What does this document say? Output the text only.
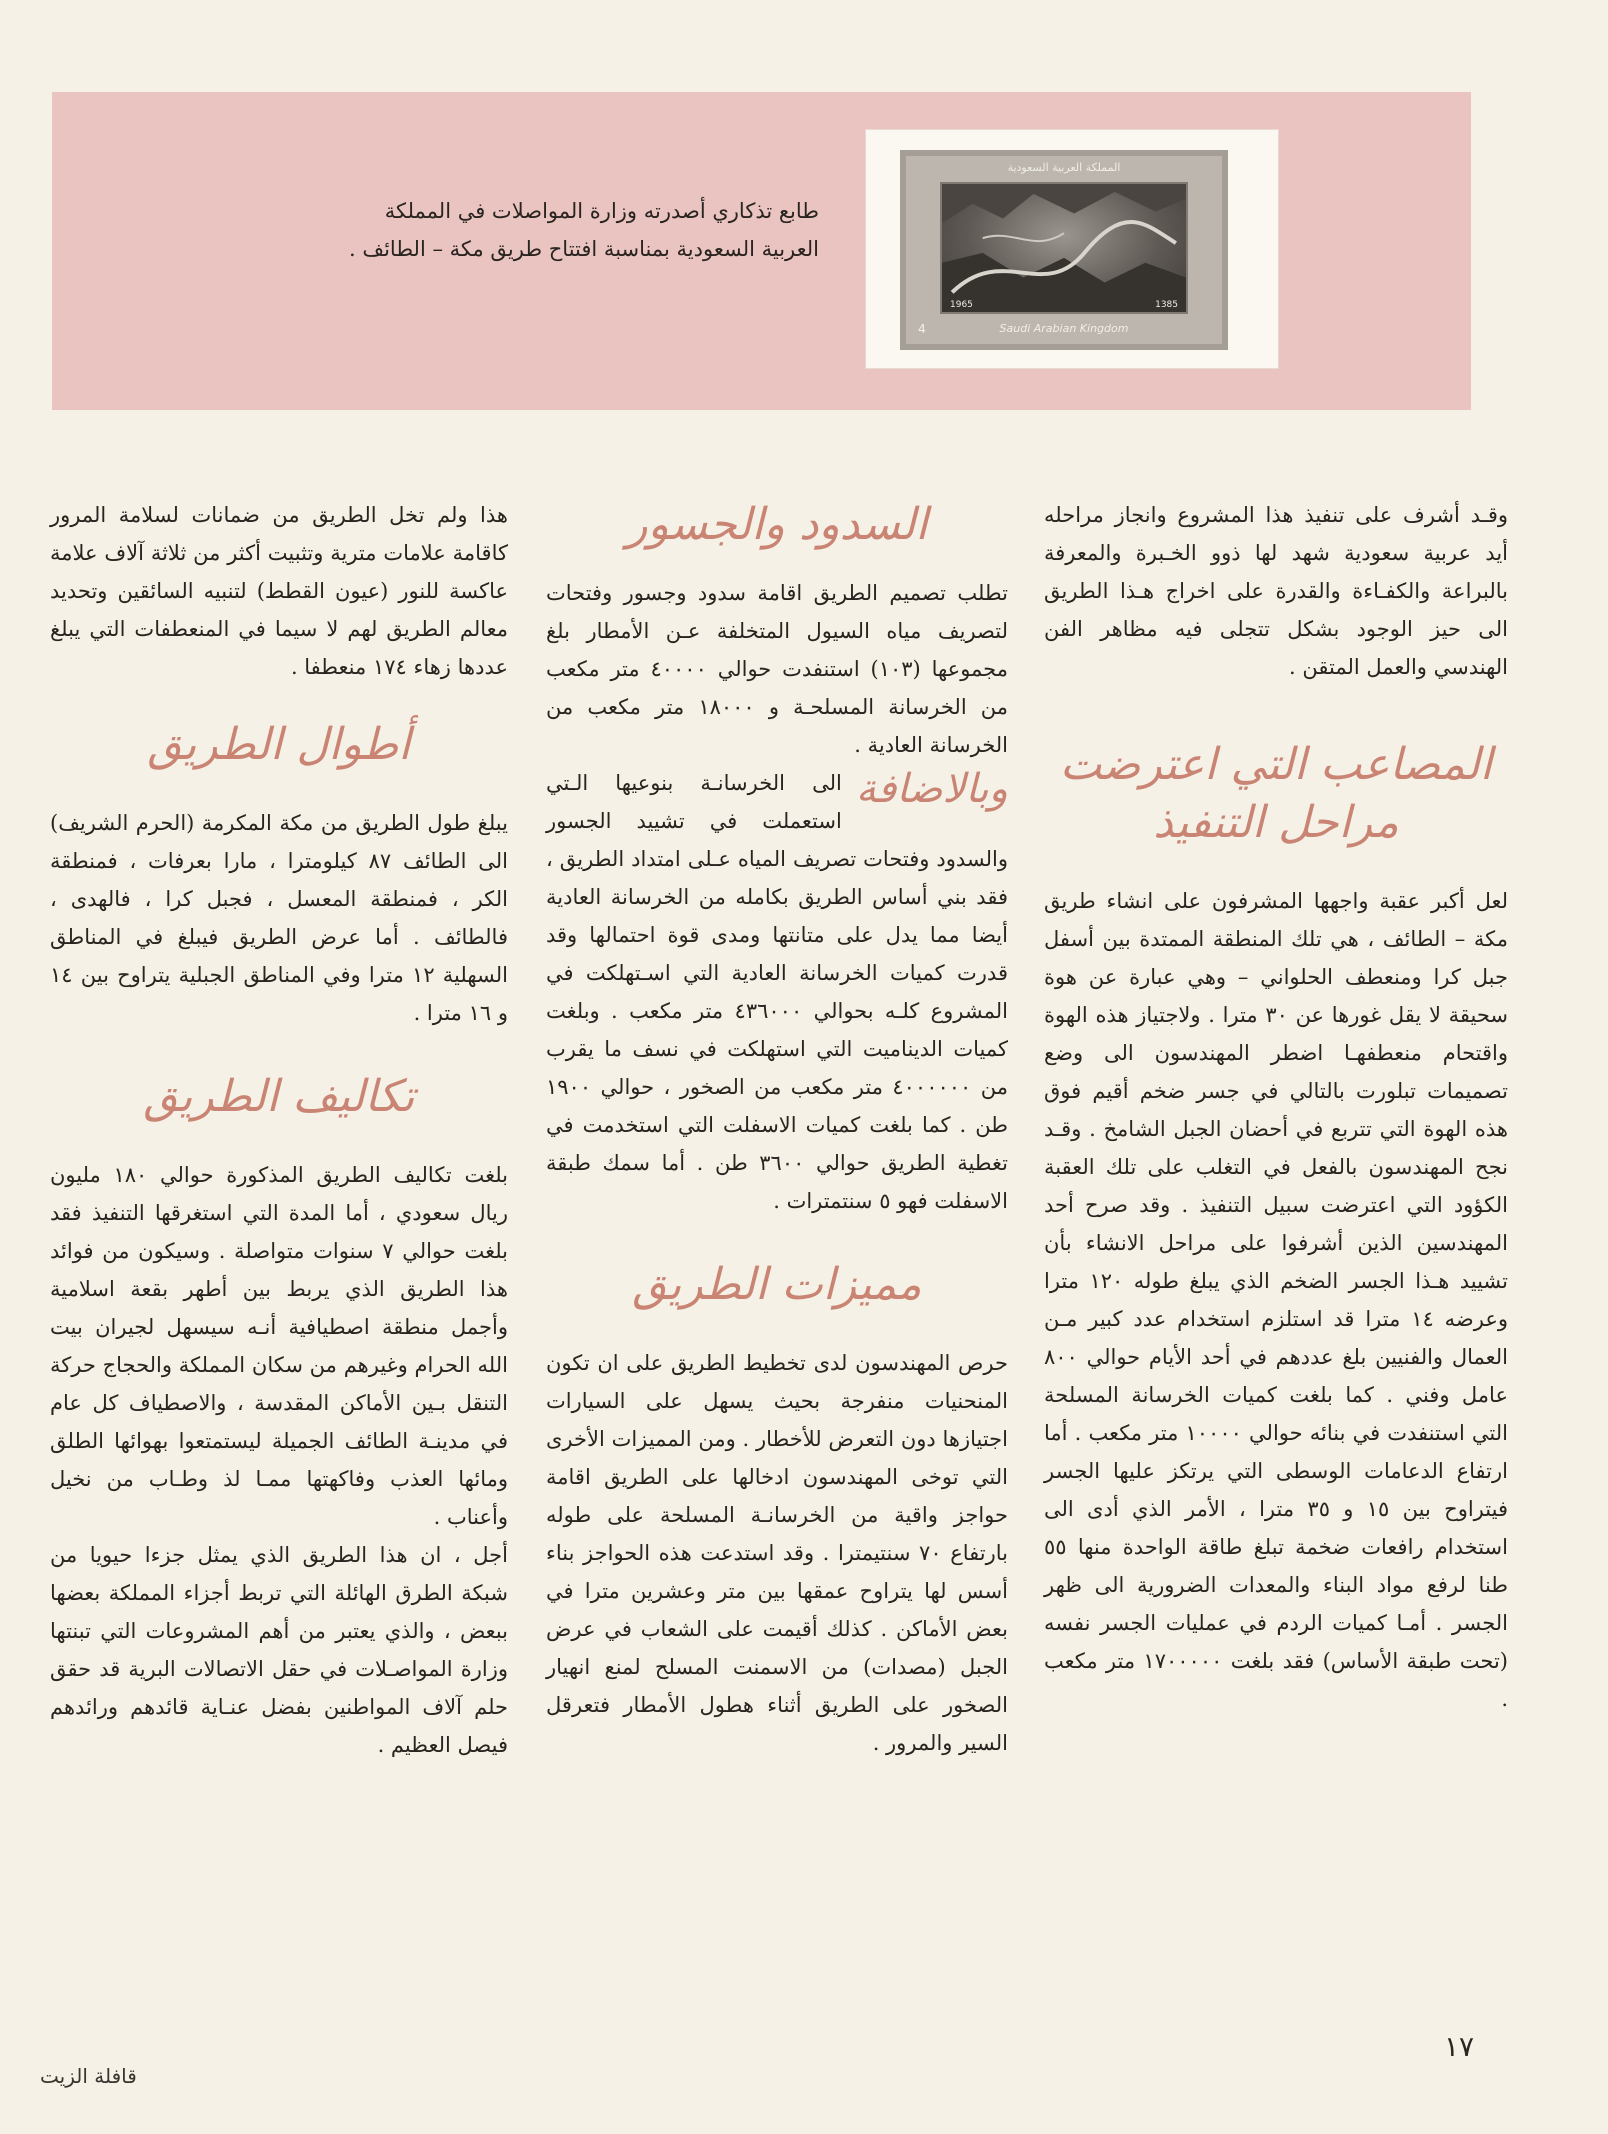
المملكة العربية السعودية
1965	1385
4	Saudi Arabian Kingdom
طابع تذكاري أصدرته وزارة المواصلات في المملكة
العربية السعودية بمناسبة افتتاح طريق مكة – الطائف .

وقـد أشرف على تنفيذ هذا المشروع وانجاز مراحله أيد عربية سعودية شهد لها ذوو الخـبرة والمعرفة بالبراعة والكفـاءة والقدرة على اخراج هـذا الطريق الى حيز الوجود بشكل تتجلى فيه مظاهر الفن الهندسي والعمل المتقن .

المصاعب التي اعترضت مراحل التنفيذ

لعل أكبر عقبة واجهها المشرفون على انشاء طريق مكة – الطائف ، هي تلك المنطقة الممتدة بين أسفل جبل كرا ومنعطف الحلواني – وهي عبارة عن هوة سحيقة لا يقل غورها عن ٣٠ مترا . ولاجتياز هذه الهوة واقتحام منعطفهـا اضطر المهندسون الى وضع تصميمات تبلورت بالتالي في جسر ضخم أقيم فوق هذه الهوة التي تتربع في أحضان الجبل الشامخ . وقـد نجح المهندسون بالفعل في التغلب على تلك العقبة الكؤود التي اعترضت سبيل التنفيذ . وقد صرح أحد المهندسين الذين أشرفوا على مراحل الانشاء بأن تشييد هـذا الجسر الضخم الذي يبلغ طوله ١٢٠ مترا وعرضه ١٤ مترا قد استلزم استخدام عدد كبير مـن العمال والفنيين بلغ عددهم في أحد الأيام حوالي ٨٠٠ عامل وفني . كما بلغت كميات الخرسانة المسلحة التي استنفدت في بنائه حوالي ١٠٠٠٠ متر مكعب . أما ارتفاع الدعامات الوسطى التي يرتكز عليها الجسر فيتراوح بين ١٥ و ٣٥ مترا ، الأمر الذي أدى الى استخدام رافعات ضخمة تبلغ طاقة الواحدة منها ٥٥ طنا لرفع مواد البناء والمعدات الضرورية الى ظهر الجسر . أمـا كميات الردم في عمليات الجسر نفسه (تحت طبقة الأساس) فقد بلغت ١٧٠٠٠٠٠ متر مكعب .

السدود والجسور

تطلب تصميم الطريق اقامة سدود وجسور وفتحات لتصريف مياه السيول المتخلفة عـن الأمطار بلغ مجموعها (١٠٣) استنفدت حوالي ٤٠٠٠٠ متر مكعب من الخرسانة المسلحـة و ١٨٠٠٠ متر مكعب من الخرسانة العادية .

وبالاضافة
الى الخرسانـة بنوعيها الـتي استعملت في تشييد الجسور والسدود وفتحات تصريف المياه عـلى امتداد الطريق ، فقد بني أساس الطريق بكامله من الخرسانة العادية أيضا مما يدل على متانتها ومدى قوة احتمالها وقد قدرت كميات الخرسانة العادية التي اسـتهلكت في المشروع كلـه بحوالي ٤٣٦٠٠٠ متر مكعب . وبلغت كميات الديناميت التي استهلكت في نسف ما يقرب من ٤٠٠٠٠٠٠ متر مكعب من الصخور ، حوالي ١٩٠٠ طن . كما بلغت كميات الاسفلت التي استخدمت في تغطية الطريق حوالي ٣٦٠٠ طن . أما سمك طبقة الاسفلت فهو ٥ سنتمترات .

مميزات الطريق

حرص المهندسون لدى تخطيط الطريق على ان تكون المنحنيات منفرجة بحيث يسهل على السيارات اجتيازها دون التعرض للأخطار . ومن المميزات الأخرى التي توخى المهندسون ادخالها على الطريق اقامة حواجز واقية من الخرسانـة المسلحة على طوله بارتفاع ٧٠ سنتيمترا . وقد استدعت هذه الحواجز بناء أسس لها يتراوح عمقها بين متر وعشرين مترا في بعض الأماكن . كذلك أقيمت على الشعاب في عرض الجبل (مصدات) من الاسمنت المسلح لمنع انهيار الصخور على الطريق أثناء هطول الأمطار فتعرقل السير والمرور .

هذا ولم تخل الطريق من ضمانات لسلامة المرور كاقامة علامات مترية وتثبيت أكثر من ثلاثة آلاف علامة عاكسة للنور (عيون القطط) لتنبيه السائقين وتحديد معالم الطريق لهم لا سيما في المنعطفات التي يبلغ عددها زهاء ١٧٤ منعطفا .

أطوال الطريق

يبلغ طول الطريق من مكة المكرمة (الحرم الشريف) الى الطائف ٨٧ كيلومترا ، مارا بعرفات ، فمنطقة الكر ، فمنطقة المعسل ، فجبل كرا ، فالهدى ، فالطائف . أما عرض الطريق فيبلغ في المناطق السهلية ١٢ مترا وفي المناطق الجبلية يتراوح بين ١٤ و ١٦ مترا .

تكاليف الطريق

بلغت تكاليف الطريق المذكورة حوالي ١٨٠ مليون ريال سعودي ، أما المدة التي استغرقها التنفيذ فقد بلغت حوالي ٧ سنوات متواصلة . وسيكون من فوائد هذا الطريق الذي يربط بين أطهر بقعة اسلامية وأجمل منطقة اصطيافية أنـه سيسهل لجيران بيت الله الحرام وغيرهم من سكان المملكة والحجاج حركة التنقل بـين الأماكن المقدسة ، والاصطياف كل عام في مدينـة الطائف الجميلة ليستمتعوا بهوائها الطلق ومائها العذب وفاكهتها ممـا لذ وطـاب من نخيل وأعناب .

أجل ، ان هذا الطريق الذي يمثل جزءا حيويا من شبكة الطرق الهائلة التي تربط أجزاء المملكة بعضها ببعض ، والذي يعتبر من أهم المشروعات التي تبنتها وزارة المواصـلات في حقل الاتصالات البرية قد حقق حلم آلاف المواطنين بفضل عنـاية قائدهم ورائدهم فيصل العظيم .

١٧
قافلة الزيت
